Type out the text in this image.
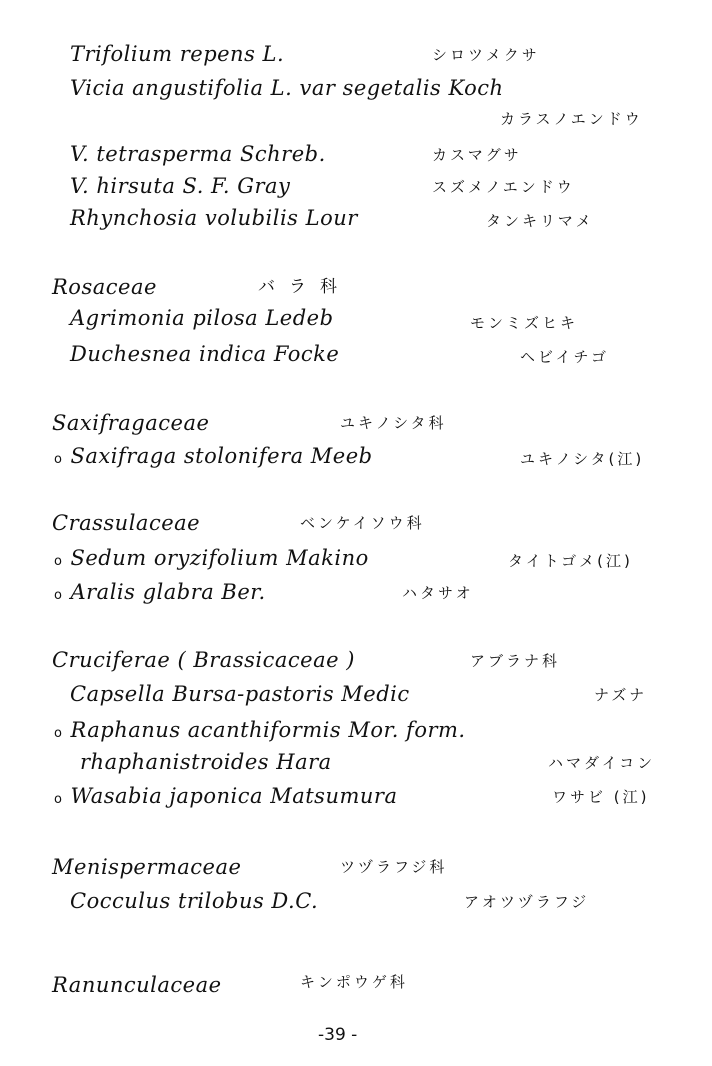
Trifolium repens L.	シロツメクサ
Vicia angustifolia L. var segetalis Koch
カラスノエンドウ
V. tetrasperma Schreb.	カスマグサ
V. hirsuta S. F. Gray	スズメノエンドウ
Rhynchosia volubilis Lour	タンキリマメ
Rosaceae	バラ科
Agrimonia pilosa Ledeb	モンミズヒキ
Duchesnea indica Focke	ヘビイチゴ
Saxifragaceae	ユキノシタ科
o Saxifraga stolonifera Meeb	ユキノシタ(江)
Crassulaceae	ベンケイソウ科
o Sedum oryzifolium Makino	タイトゴメ(江)
o Aralis glabra Ber.	ハタサオ
Cruciferae ( Brassicaceae )	アブラナ科
Capsella Bursa-pastoris Medic	ナズナ
o Raphanus acanthiformis Mor. form.
rhaphanistroides Hara	ハマダイコン
o Wasabia japonica Matsumura	ワサビ (江)
Menispermaceae	ツヅラフジ科
Cocculus trilobus D.C.	アオツヅラフジ
Ranunculaceae	キンポウゲ科
-39 -
